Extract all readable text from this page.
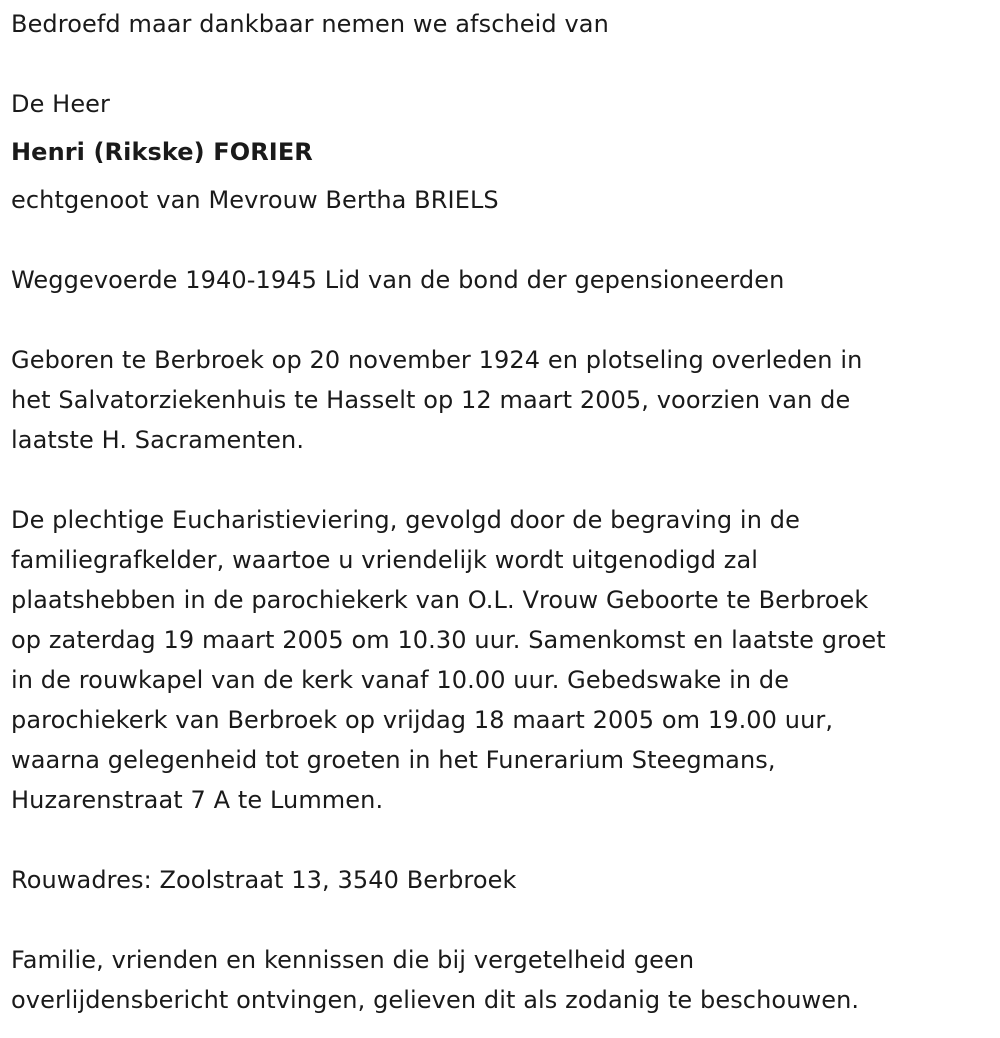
Bedroefd maar dankbaar nemen we afscheid van
De Heer
Henri (Rikske) FORIER
echtgenoot van Mevrouw Bertha BRIELS
Weggevoerde 1940-1945 Lid van de bond der gepensioneerden
Geboren te Berbroek op 20 november 1924 en plotseling overleden in
het Salvatorziekenhuis te Hasselt op 12 maart 2005, voorzien van de
laatste H. Sacramenten.
De plechtige Eucharistieviering, gevolgd door de begraving in de
familiegrafkelder, waartoe u vriendelijk wordt uitgenodigd zal
plaatshebben in de parochiekerk van O.L. Vrouw Geboorte te Berbroek
op zaterdag 19 maart 2005 om 10.30 uur. Samenkomst en laatste groet
in de rouwkapel van de kerk vanaf 10.00 uur. Gebedswake in de
parochiekerk van Berbroek op vrijdag 18 maart 2005 om 19.00 uur,
waarna gelegenheid tot groeten in het Funerarium Steegmans,
Huzarenstraat 7 A te Lummen.
Rouwadres: Zoolstraat 13, 3540 Berbroek
Familie, vrienden en kennissen die bij vergetelheid geen
overlijdensbericht ontvingen, gelieven dit als zodanig te beschouwen.
